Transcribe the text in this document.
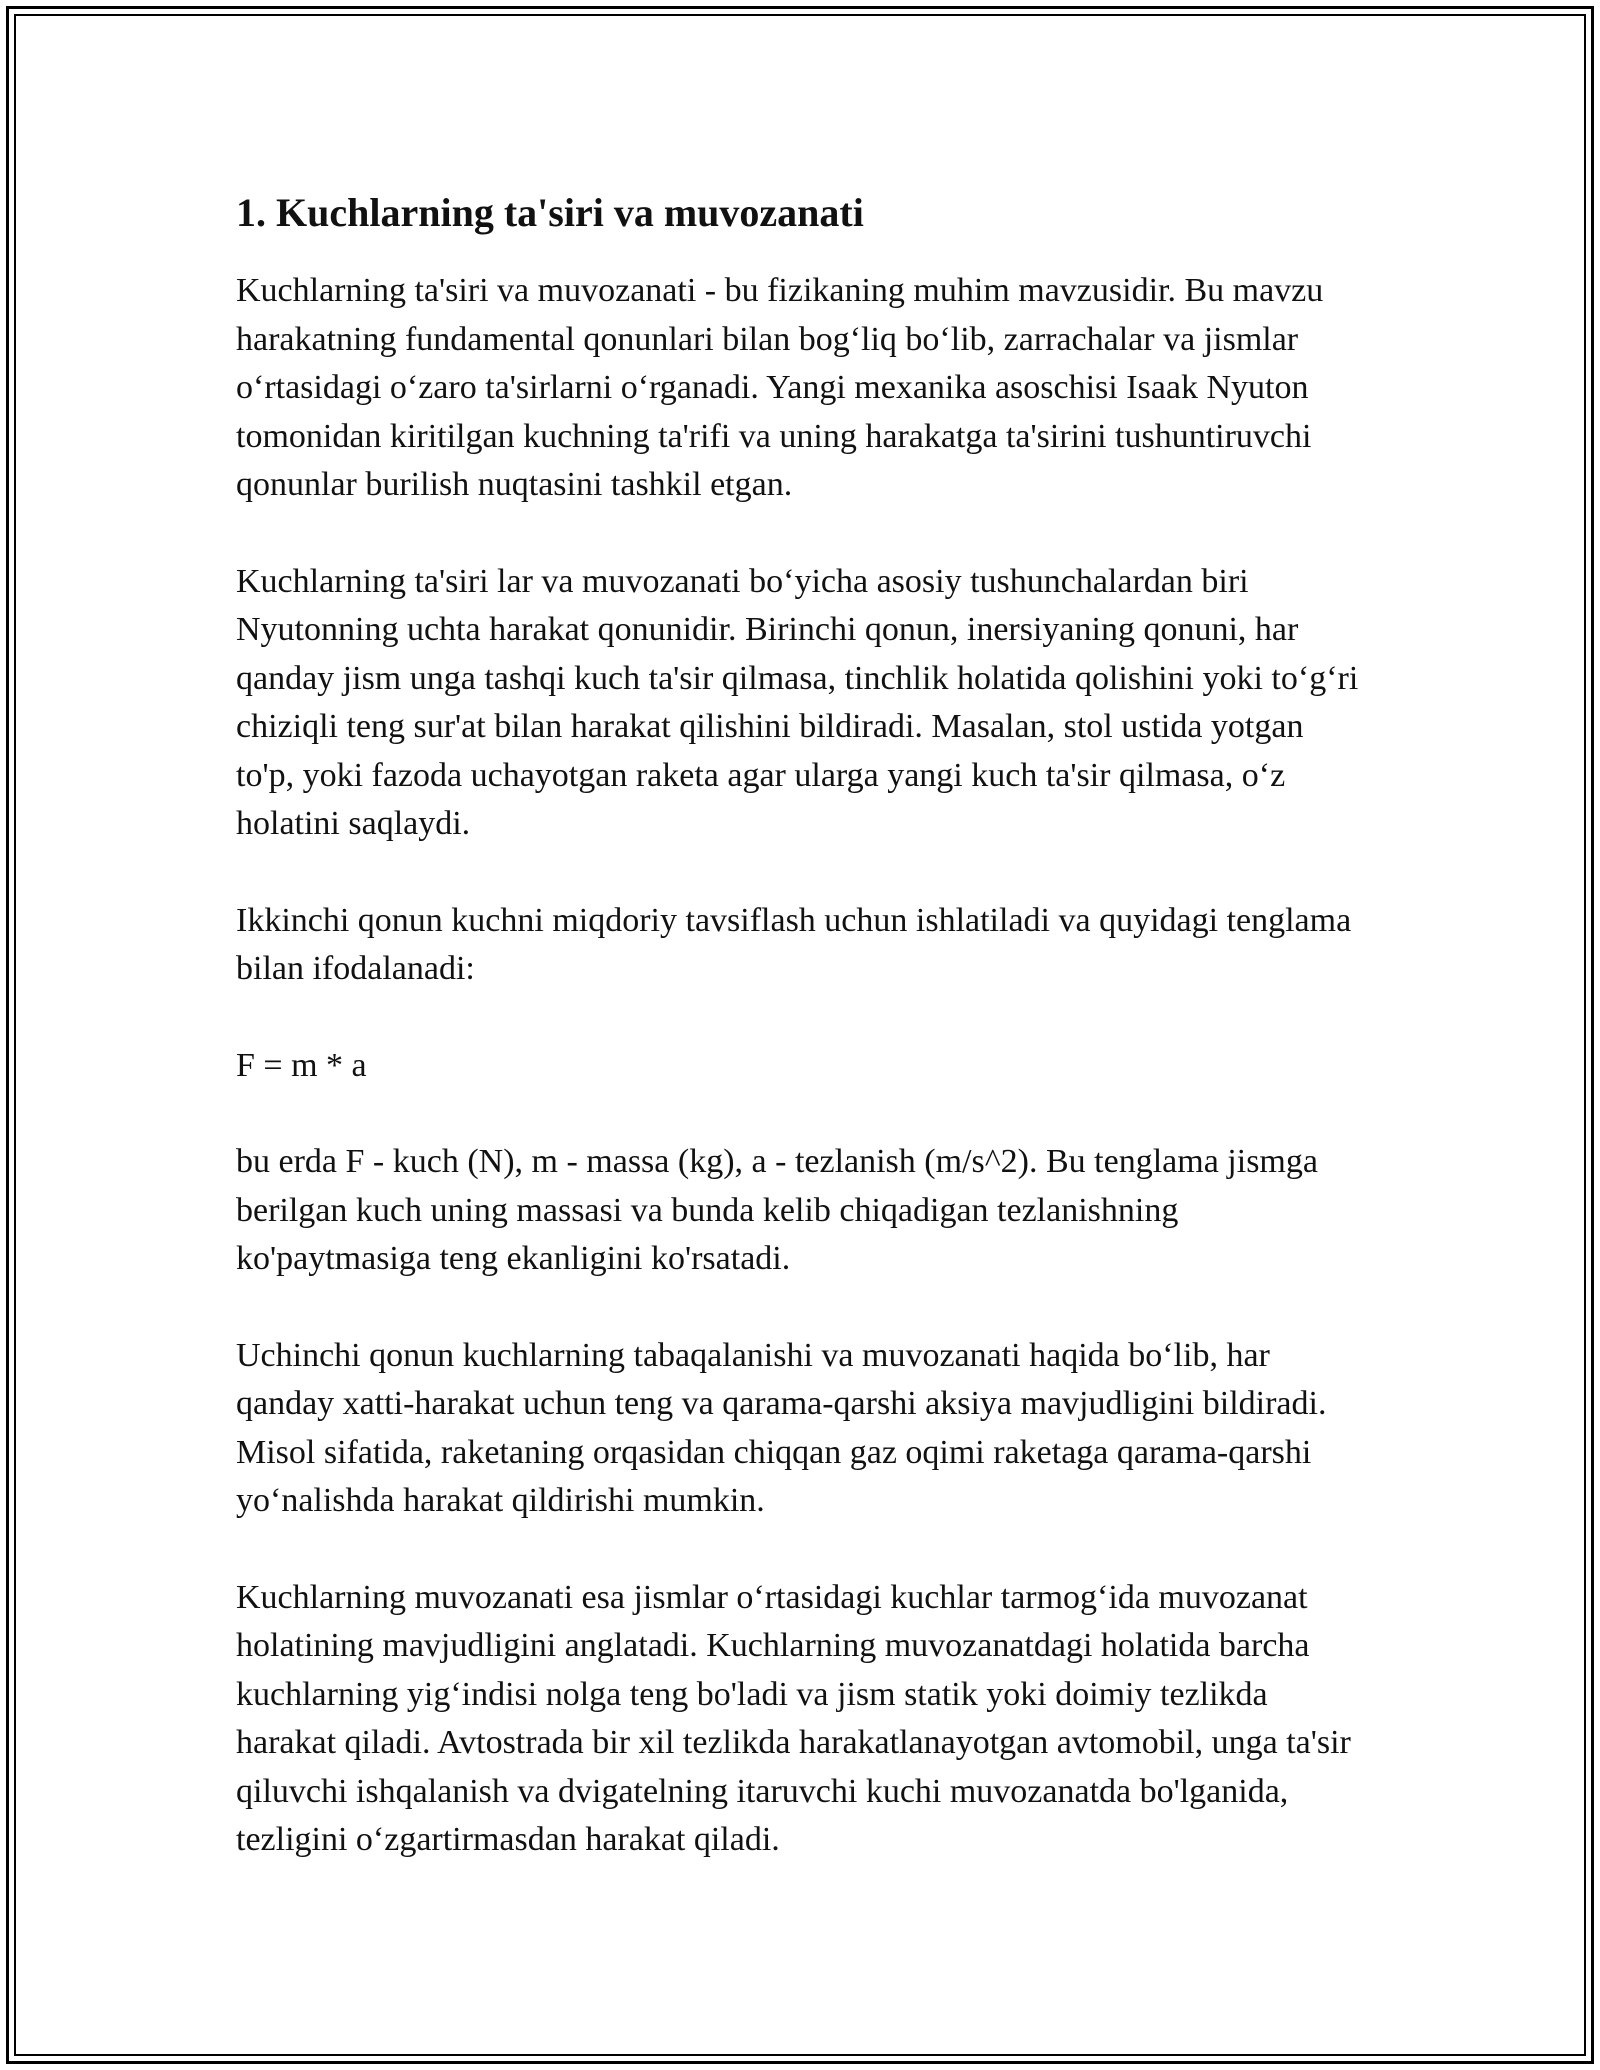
1. Kuchlarning ta'siri va muvozanati

Kuchlarning ta'siri va muvozanati - bu fizikaning muhim mavzusidir. Bu mavzu harakatning fundamental qonunlari bilan bog‘liq bo‘lib, zarrachalar va jismlar o‘rtasidagi o‘zaro ta'sirlarni o‘rganadi. Yangi mexanika asoschisi Isaak Nyuton tomonidan kiritilgan kuchning ta'rifi va uning harakatga ta'sirini tushuntiruvchi qonunlar burilish nuqtasini tashkil etgan.

Kuchlarning ta'siri lar va muvozanati bo‘yicha asosiy tushunchalardan biri Nyutonning uchta harakat qonunidir. Birinchi qonun, inersiyaning qonuni, har qanday jism unga tashqi kuch ta'sir qilmasa, tinchlik holatida qolishini yoki to‘g‘ri chiziqli teng sur'at bilan harakat qilishini bildiradi. Masalan, stol ustida yotgan to'p, yoki fazoda uchayotgan raketa agar ularga yangi kuch ta'sir qilmasa, o‘z holatini saqlaydi.

Ikkinchi qonun kuchni miqdoriy tavsiflash uchun ishlatiladi va quyidagi tenglama bilan ifodalanadi:

F = m * a

bu erda F - kuch (N), m - massa (kg), a - tezlanish (m/s^2). Bu tenglama jismga berilgan kuch uning massasi va bunda kelib chiqadigan tezlanishning ko'paytmasiga teng ekanligini ko'rsatadi.

Uchinchi qonun kuchlarning tabaqalanishi va muvozanati haqida bo‘lib, har qanday xatti-harakat uchun teng va qarama-qarshi aksiya mavjudligini bildiradi. Misol sifatida, raketaning orqasidan chiqqan gaz oqimi raketaga qarama-qarshi yo‘nalishda harakat qildirishi mumkin.

Kuchlarning muvozanati esa jismlar o‘rtasidagi kuchlar tarmog‘ida muvozanat holatining mavjudligini anglatadi. Kuchlarning muvozanatdagi holatida barcha kuchlarning yig‘indisi nolga teng bo'ladi va jism statik yoki doimiy tezlikda harakat qiladi. Avtostrada bir xil tezlikda harakatlanayotgan avtomobil, unga ta'sir qiluvchi ishqalanish va dvigatelning itaruvchi kuchi muvozanatda bo'lganida, tezligini o‘zgartirmasdan harakat qiladi.
